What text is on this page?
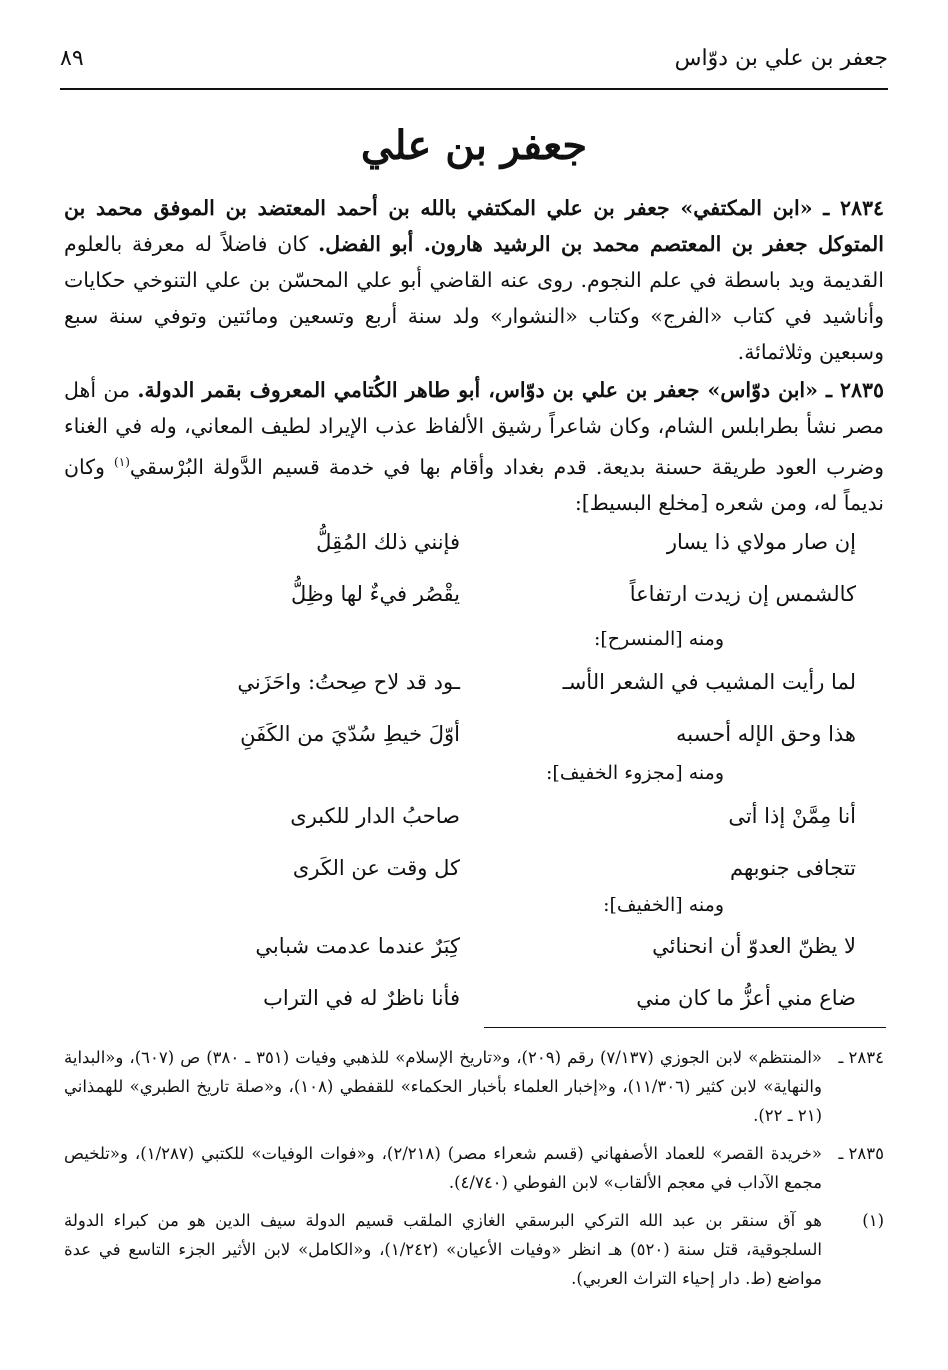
جعفر بن علي بن دوّاس
٨٩
جعفر بن علي
٢٨٣٤ ـ «ابن المكتفي» جعفر بن علي المكتفي بالله بن أحمد المعتضد بن الموفق محمد بن المتوكل جعفر بن المعتصم محمد بن الرشيد هارون. أبو الفضل. كان فاضلاً له معرفة بالعلوم القديمة ويد باسطة في علم النجوم. روى عنه القاضي أبو علي المحسّن بن علي التنوخي حكايات وأناشيد في كتاب «الفرج» وكتاب «النشوار» ولد سنة أربع وتسعين ومائتين وتوفي سنة سبع وسبعين وثلاثمائة.
٢٨٣٥ ـ «ابن دوّاس» جعفر بن علي بن دوّاس، أبو طاهر الكُتامي المعروف بقمر الدولة. من أهل مصر نشأ بطرابلس الشام، وكان شاعراً رشيق الألفاظ عذب الإيراد لطيف المعاني، وله في الغناء وضرب العود طريقة حسنة بديعة. قدم بغداد وأقام بها في خدمة قسيم الدَّولة البُرْسقي$^{(١)}$ وكان نديماً له، ومن شعره [مخلع البسيط]:
إن صار مولاي ذا يسار
فإنني ذلك المُقِلُّ
كالشمس إن زيدت ارتفاعاً
يقْصُر فيءٌ لها وظِلُّ
ومنه [المنسرح]:
لما رأيت المشيب في الشعر الأسـ
ـود قد لاح صِحتُ: واحَزَني
هذا وحق الإله أحسبه
أوّلَ خيطِ سُدّيَ من الكَفَنِ
ومنه [مجزوء الخفيف]:
أنا مِمَّنْ إذا أتى
صاحبُ الدار للكبرى
تتجافى جنوبهم
كل وقت عن الكَرى
ومنه [الخفيف]:
لا يظنّ العدوّ أن انحنائي
كِبَرٌ عندما عدمت شبابي
ضاع مني أعزُّ ما كان مني
فأنا ناظرٌ له في التراب
٢٨٣٤ ـ
«المنتظم» لابن الجوزي (٧/١٣٧) رقم (٢٠٩)، و«تاريخ الإسلام» للذهبي وفيات (٣٥١ ـ ٣٨٠) ص (٦٠٧)، و«البداية والنهاية» لابن كثير (١١/٣٠٦)، و«إخبار العلماء بأخبار الحكماء» للقفطي (١٠٨)، و«صلة تاريخ الطبري» للهمذاني (٢١ ـ ٢٢).
٢٨٣٥ ـ
«خريدة القصر» للعماد الأصفهاني (قسم شعراء مصر) (٢/٢١٨)، و«فوات الوفيات» للكتبي (١/٢٨٧)، و«تلخيص مجمع الآداب في معجم الألقاب» لابن الفوطي (٤/٧٤٠).
(١)
هو آق سنقر بن عبد الله التركي البرسقي الغازي الملقب قسيم الدولة سيف الدين هو من كبراء الدولة السلجوقية، قتل سنة (٥٢٠) هـ انظر «وفيات الأعيان» (١/٢٤٢)، و«الكامل» لابن الأثير الجزء التاسع في عدة مواضع (ط. دار إحياء التراث العربي).
